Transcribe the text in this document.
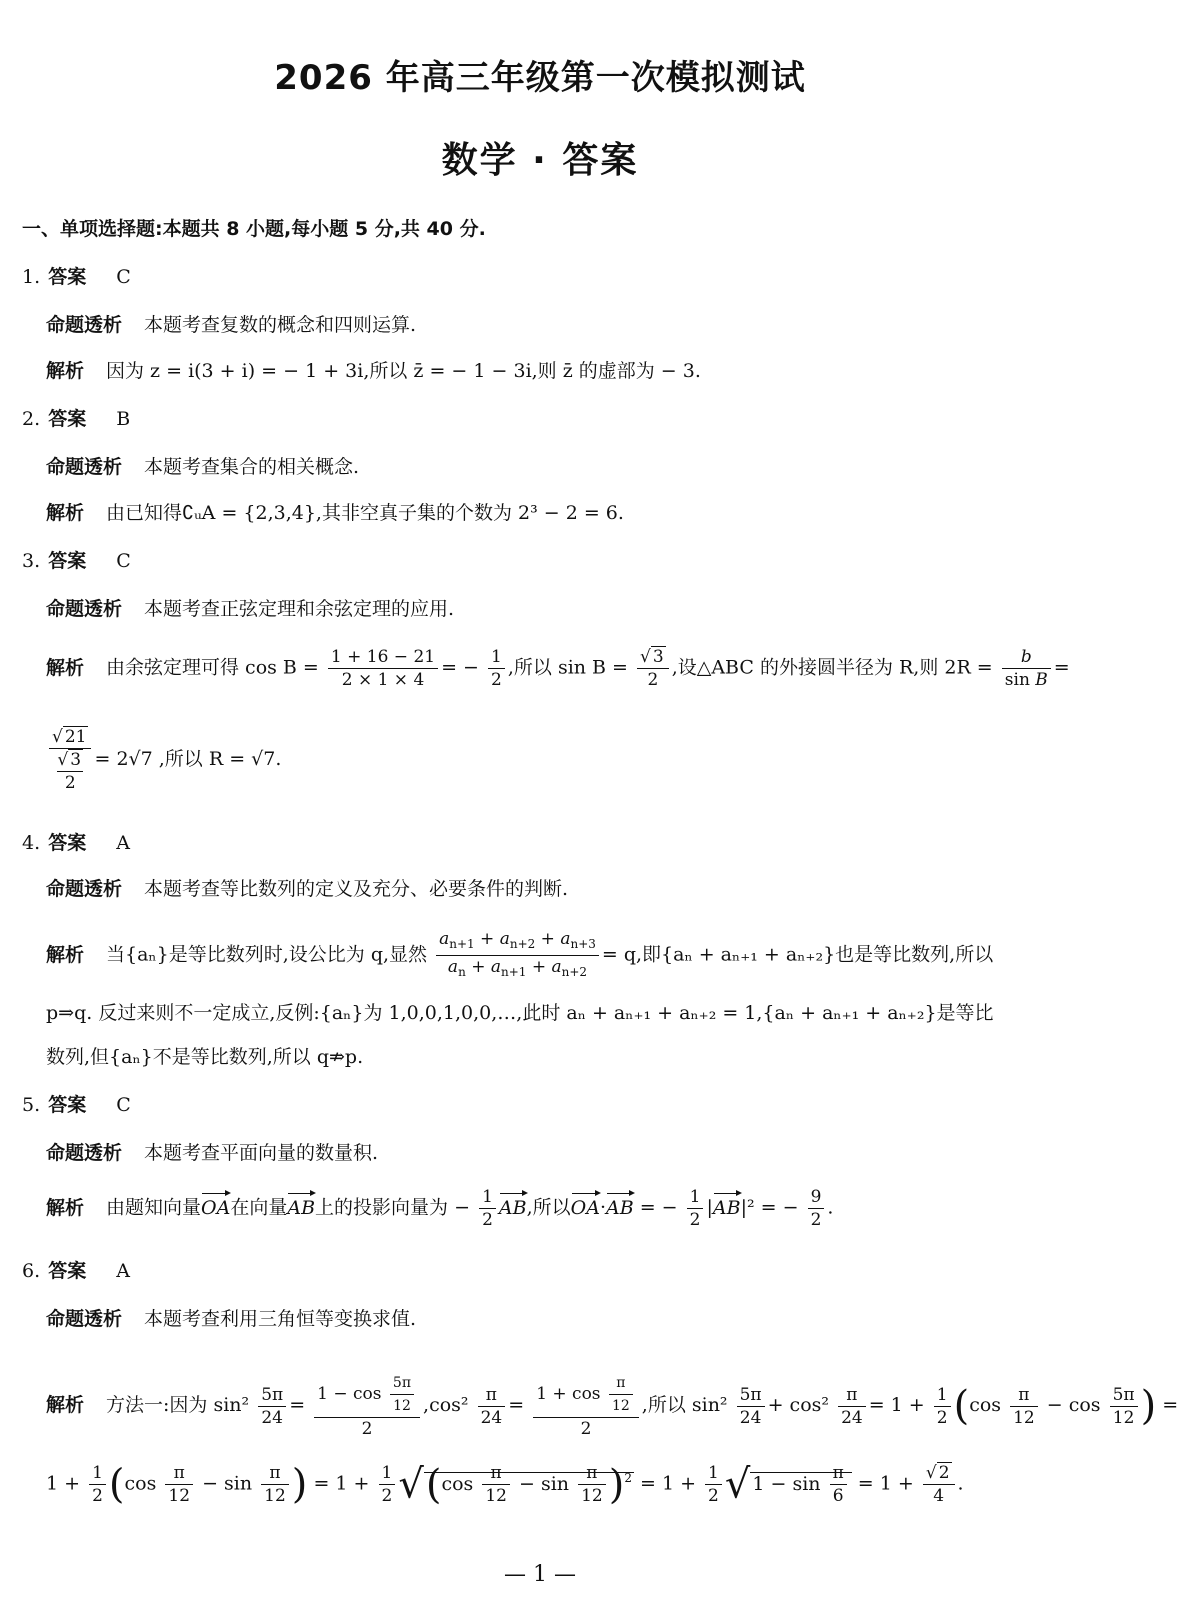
2026 年高三年级第一次模拟测试
数学 · 答案
一、单项选择题:本题共 8 小题,每小题 5 分,共 40 分.
1. 答案 C
命题透析 本题考查复数的概念和四则运算.
解析 因为 z = i(3 + i) = − 1 + 3i,所以 z̄ = − 1 − 3i,则 z̄ 的虚部为 − 3.
2. 答案 B
命题透析 本题考查集合的相关概念.
解析 由已知得∁ᵤA = {2,3,4},其非空真子集的个数为 2³ − 2 = 6.
3. 答案 C
命题透析 本题考查正弦定理和余弦定理的应用.
解析 由余弦定理可得 $\cos B = \frac{1 + 16 - 21}{2 \times 1 \times 4}$ = − $\frac{1}{2}$ ,所以 $\sin B = \frac{√ 3}{2}$ ,设△ABC 的外接圆半径为 R,则 $2R = \frac{b}{\text{sin B}}$ =
$\frac{√ 21}{\frac{√ 3}{2}} = 2√7$ ,所以 R = √7.
4. 答案 A
命题透析 本题考查等比数列的定义及充分、必要条件的判断.
解析 当{aₙ}是等比数列时,设公比为 q,显然 $\frac{a_{n+1} + a_{n+2} + a_{n+3}}{a_n + a_{n+1} + a_{n+2}} = q$,即{aₙ + aₙ₊₁ + aₙ₊₂}也是等比数列,所以
p⇒q. 反过来则不一定成立,反例:{aₙ}为 1,0,0,1,0,0,…,此时 aₙ + aₙ₊₁ + aₙ₊₂ = 1,{aₙ + aₙ₊₁ + aₙ₊₂}是等比
数列,但{aₙ}不是等比数列,所以 q⇏p.
5. 答案 C
命题透析 本题考查平面向量的数量积.
解析 由题知向量OA在向量AB上的投影向量为 − $\frac{1}{2}$ AB,所以OA·AB = − $\frac{1}{2} |AB|^2$ = − $\frac{9}{2}$ .
6. 答案 A
命题透析 本题考查利用三角恒等变换求值.
解析 方法一:因为 $\sin^2 \frac{5\pi}{24} = \frac{1 - \cos \frac{5\pi}{12}}{2} ,\cos^2 \frac{\pi}{24} = \frac{1 + \cos \frac{\pi}{12}}{2}$ ,所以 $\sin^2 \frac{5\pi}{24} + \cos^2 \frac{\pi}{24} = 1 + \frac{1}{2} (\cos \frac{\pi}{12} - \cos \frac{5\pi}{12}$ ) =
$1 + \frac{1}{2} (\cos \frac{\pi}{12} - \sin \frac{\pi}{12}$ ) = $1 + \frac{1}{2} √(\cos \frac{\pi}{12} - \sin \frac{\pi}{12} )^2 = 1 + \frac{1}{2}$ √ $1 - \sin \frac{\pi}{6} = 1 + \frac{√ 2}{4}$ .
— 1 —
